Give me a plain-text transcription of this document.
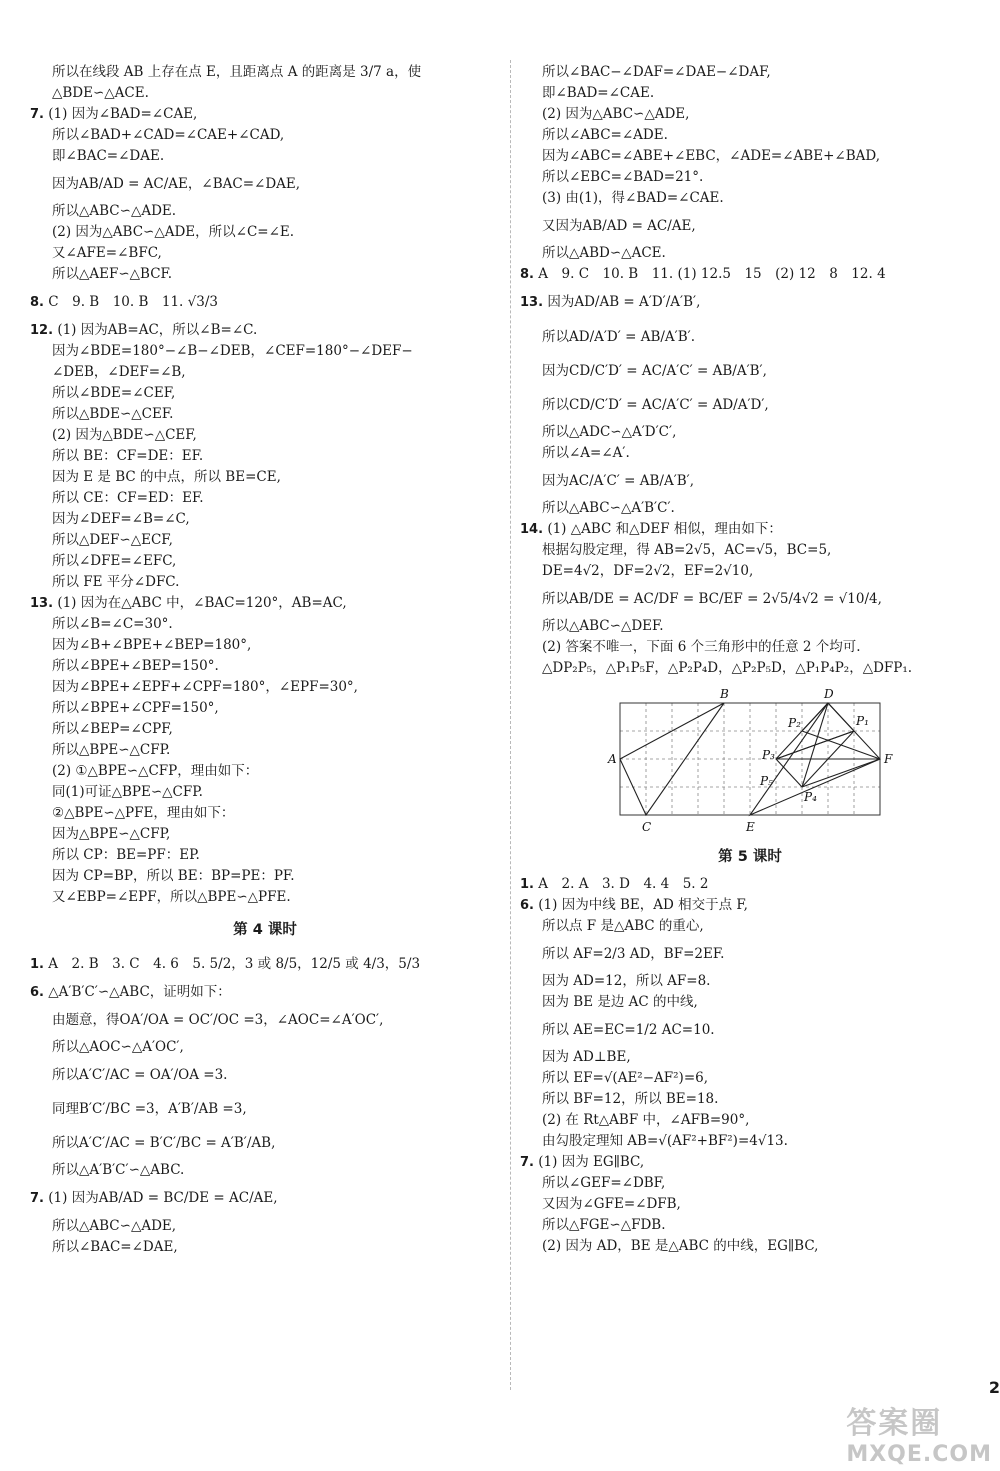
所以在线段 AB 上存在点 E，且距离点 A 的距离是 3/7 a，使
△BDE∽△ACE.
7. (1) 因为∠BAD=∠CAE,
所以∠BAD+∠CAD=∠CAE+∠CAD,
即∠BAC=∠DAE.
因为AB/AD = AC/AE，∠BAC=∠DAE,
所以△ABC∽△ADE.
(2) 因为△ABC∽△ADE，所以∠C=∠E.
又∠AFE=∠BFC,
所以△AEF∽△BCF.
8. C　9. B　10. B　11. √3/3
12. (1) 因为AB=AC，所以∠B=∠C.
因为∠BDE=180°−∠B−∠DEB，∠CEF=180°−∠DEF−
∠DEB，∠DEF=∠B,
所以∠BDE=∠CEF,
所以△BDE∽△CEF.
(2) 因为△BDE∽△CEF,
所以 BE：CF=DE：EF.
因为 E 是 BC 的中点，所以 BE=CE,
所以 CE：CF=ED：EF.
因为∠DEF=∠B=∠C,
所以△DEF∽△ECF,
所以∠DFE=∠EFC,
所以 FE 平分∠DFC.
13. (1) 因为在△ABC 中，∠BAC=120°，AB=AC,
所以∠B=∠C=30°.
因为∠B+∠BPE+∠BEP=180°,
所以∠BPE+∠BEP=150°.
因为∠BPE+∠EPF+∠CPF=180°，∠EPF=30°,
所以∠BPE+∠CPF=150°,
所以∠BEP=∠CPF,
所以△BPE∽△CFP.
(2) ①△BPE∽△CFP，理由如下：
同(1)可证△BPE∽△CFP.
②△BPE∽△PFE，理由如下：
因为△BPE∽△CFP,
所以 CP：BE=PF：EP.
因为 CP=BP，所以 BE：BP=PE：PF.
又∠EBP=∠EPF，所以△BPE∽△PFE.
第 4 课时
1. A　2. B　3. C　4. 6　5. 5/2，3 或 8/5，12/5 或 4/3，5/3
6. △A′B′C′∽△ABC，证明如下：
由题意，得OA′/OA = OC′/OC =3，∠AOC=∠A′OC′,
所以△AOC∽△A′OC′,
所以A′C′/AC = OA′/OA =3.
同理B′C′/BC =3，A′B′/AB =3,
所以A′C′/AC = B′C′/BC = A′B′/AB,
所以△A′B′C′∽△ABC.
7. (1) 因为AB/AD = BC/DE = AC/AE,
所以△ABC∽△ADE,
所以∠BAC=∠DAE,
所以∠BAC−∠DAF=∠DAE−∠DAF,
即∠BAD=∠CAE.
(2) 因为△ABC∽△ADE,
所以∠ABC=∠ADE.
因为∠ABC=∠ABE+∠EBC，∠ADE=∠ABE+∠BAD,
所以∠EBC=∠BAD=21°.
(3) 由(1)，得∠BAD=∠CAE.
又因为AB/AD = AC/AE,
所以△ABD∽△ACE.
8. A　9. C　10. B　11. (1) 12.5　15　(2) 12　8　12. 4
13. 因为AD/AB = A′D′/A′B′,
所以AD/A′D′ = AB/A′B′.
因为CD/C′D′ = AC/A′C′ = AB/A′B′,
所以CD/C′D′ = AC/A′C′ = AD/A′D′,
所以△ADC∽△A′D′C′,
所以∠A=∠A′.
因为AC/A′C′ = AB/A′B′,
所以△ABC∽△A′B′C′.
14. (1) △ABC 和△DEF 相似，理由如下：
根据勾股定理，得 AB=2√5，AC=√5，BC=5,
DE=4√2，DF=2√2，EF=2√10,
所以AB/DE = AC/DF = BC/EF = 2√5/4√2 = √10/4,
所以△ABC∽△DEF.
(2) 答案不唯一，下面 6 个三角形中的任意 2 个均可.
△DP₂P₅，△P₁P₅F，△P₂P₄D，△P₂P₅D，△P₁P₄P₂，△DFP₁.
A
B
C
D
E
F
P₁
P₂
P₃
P₄
P₅
第 5 课时
1. A　2. A　3. D　4. 4　5. 2
6. (1) 因为中线 BE，AD 相交于点 F,
所以点 F 是△ABC 的重心,
所以 AF=2/3 AD，BF=2EF.
因为 AD=12，所以 AF=8.
因为 BE 是边 AC 的中线,
所以 AE=EC=1/2 AC=10.
因为 AD⊥BE,
所以 EF=√(AE²−AF²)=6,
所以 BF=12，所以 BE=18.
(2) 在 Rt△ABF 中，∠AFB=90°,
由勾股定理知 AB=√(AF²+BF²)=4√13.
7. (1) 因为 EG∥BC,
所以∠GEF=∠DBF,
又因为∠GFE=∠DFB,
所以△FGE∽△FDB.
(2) 因为 AD，BE 是△ABC 的中线，EG∥BC,
2
答案圈
MXQE.COM
